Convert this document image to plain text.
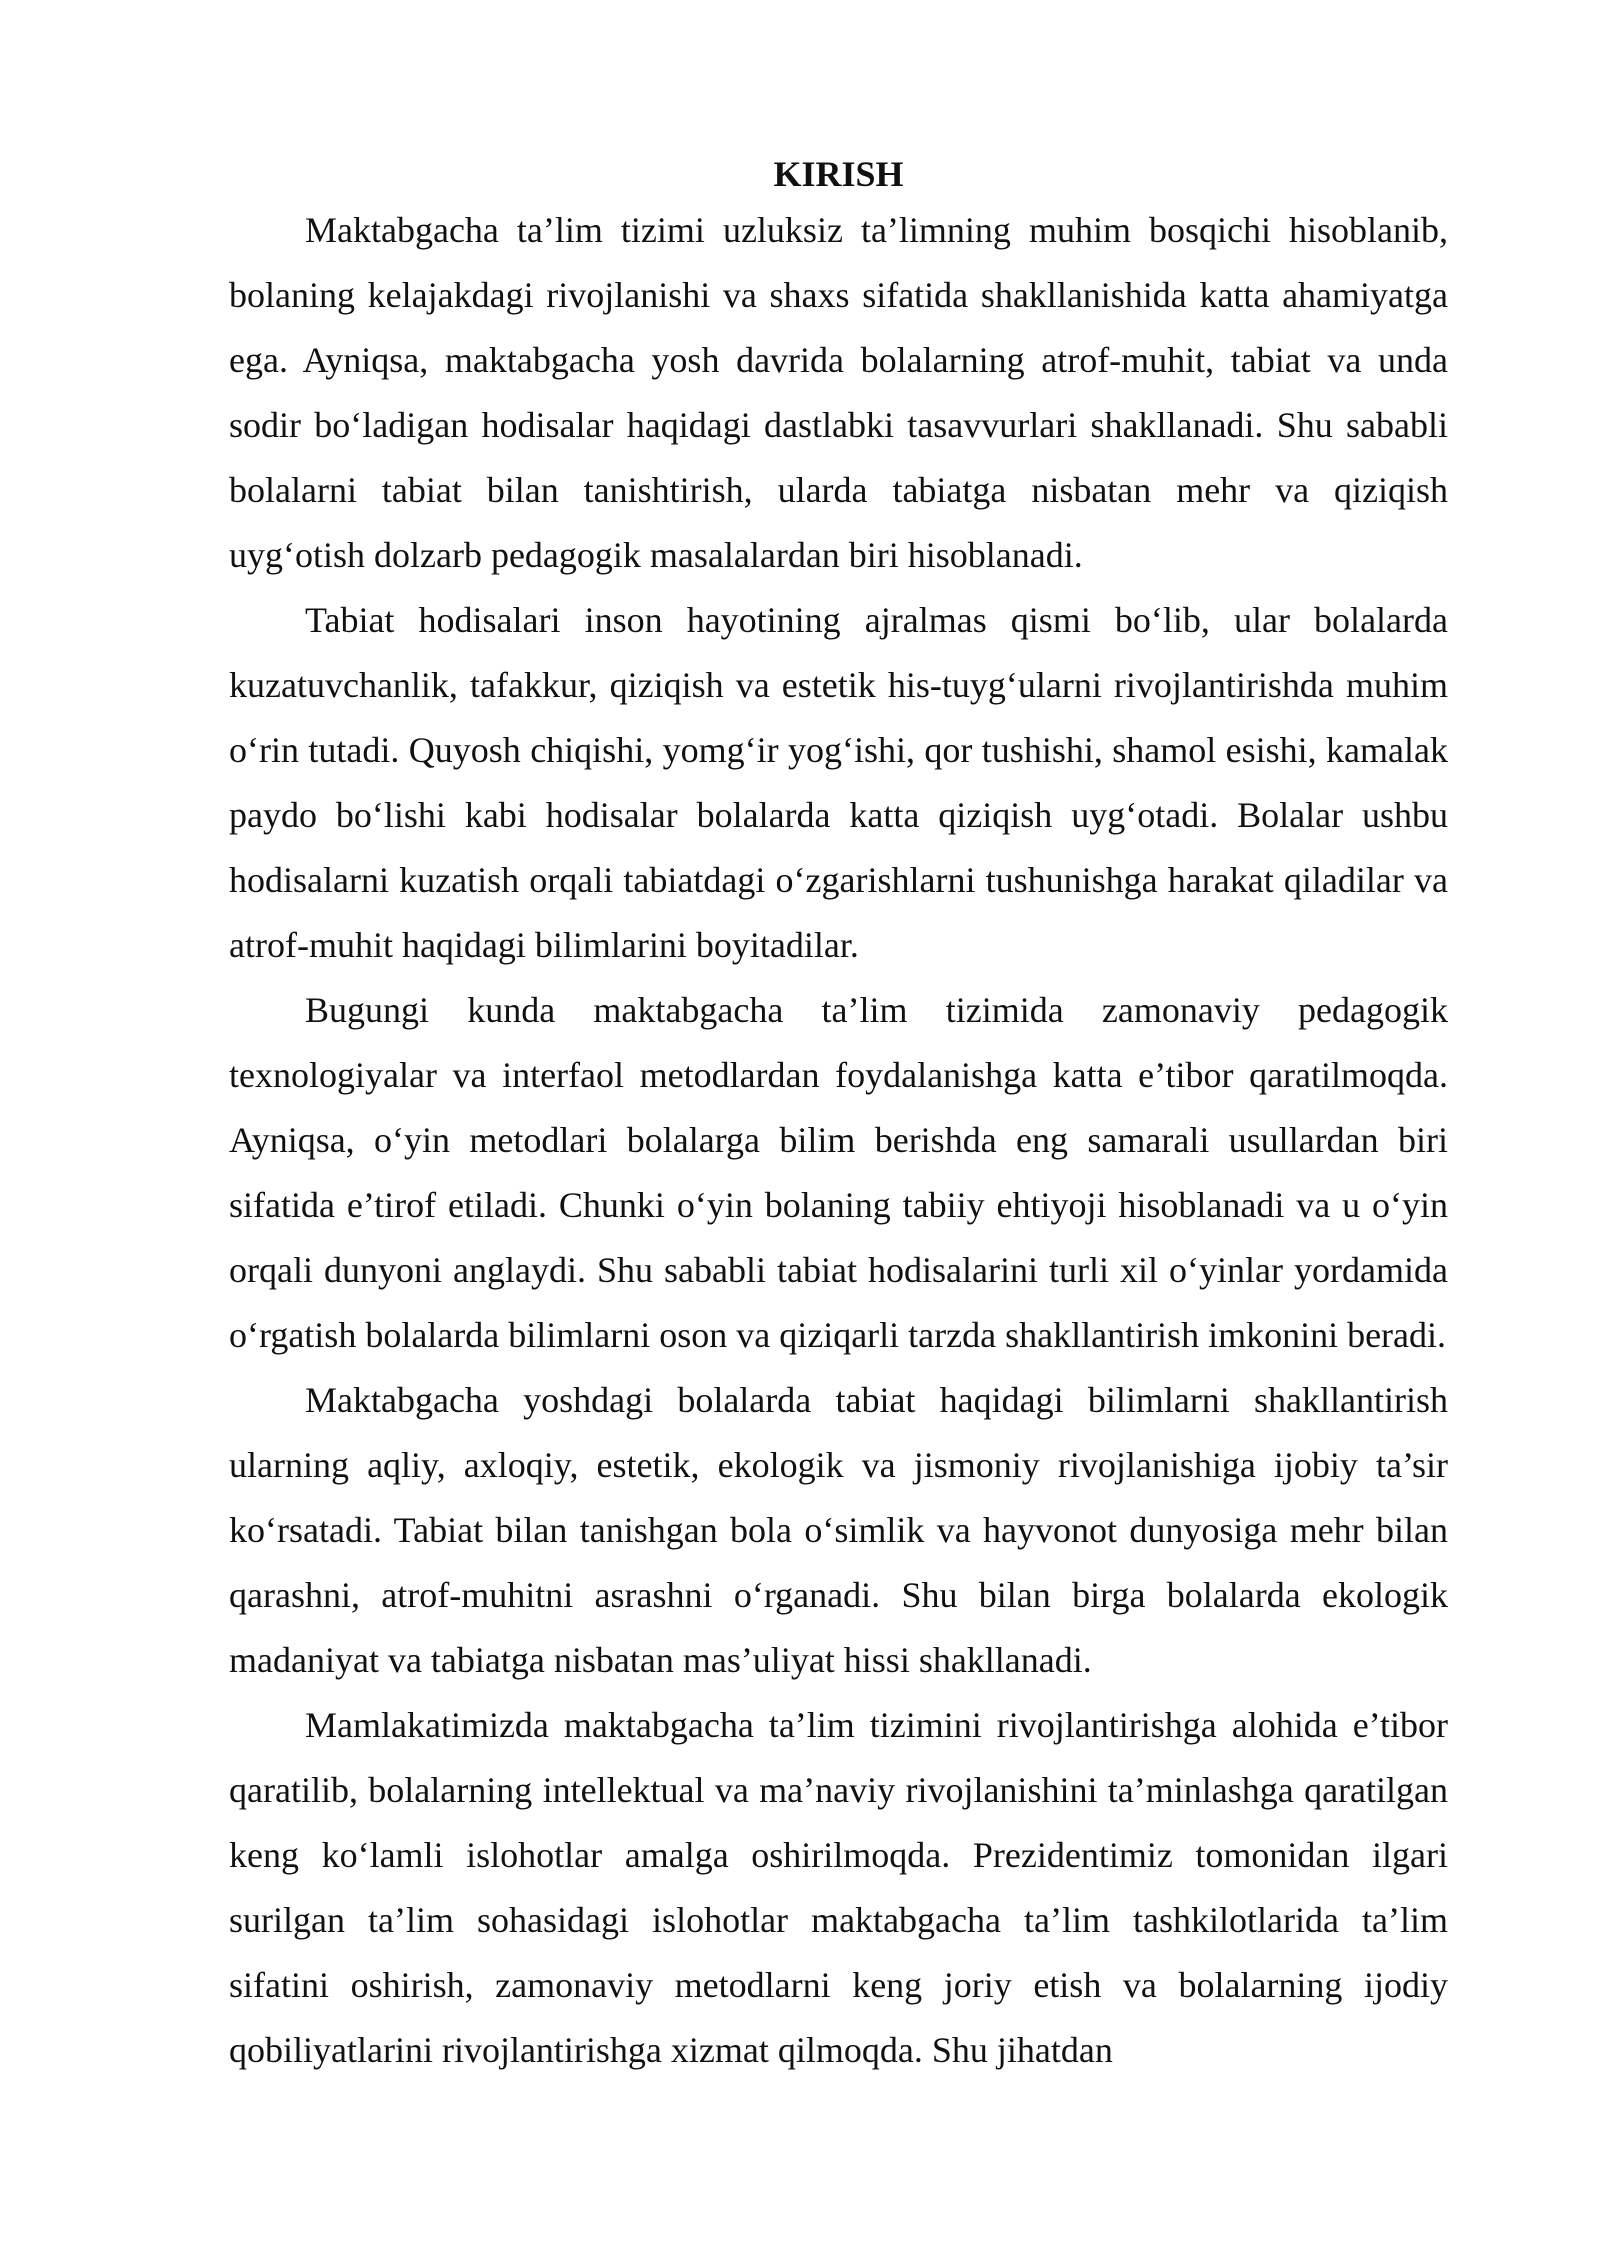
KIRISH

Maktabgacha ta’lim tizimi uzluksiz ta’limning muhim bosqichi hisoblanib, bolaning kelajakdagi rivojlanishi va shaxs sifatida shakllanishida katta ahamiyatga ega. Ayniqsa, maktabgacha yosh davrida bolalarning atrof-muhit, tabiat va unda sodir bo‘ladigan hodisalar haqidagi dastlabki tasavvurlari shakllanadi. Shu sababli bolalarni tabiat bilan tanishtirish, ularda tabiatga nisbatan mehr va qiziqish uyg‘otish dolzarb pedagogik masalalardan biri hisoblanadi.

Tabiat hodisalari inson hayotining ajralmas qismi bo‘lib, ular bolalarda kuzatuvchanlik, tafakkur, qiziqish va estetik his-tuyg‘ularni rivojlantirishda muhim o‘rin tutadi. Quyosh chiqishi, yomg‘ir yog‘ishi, qor tushishi, shamol esishi, kamalak paydo bo‘lishi kabi hodisalar bolalarda katta qiziqish uyg‘otadi. Bolalar ushbu hodisalarni kuzatish orqali tabiatdagi o‘zgarishlarni tushunishga harakat qiladilar va atrof-muhit haqidagi bilimlarini boyitadilar.

Bugungi kunda maktabgacha ta’lim tizimida zamonaviy pedagogik texnologiyalar va interfaol metodlardan foydalanishga katta e’tibor qaratilmoqda. Ayniqsa, o‘yin metodlari bolalarga bilim berishda eng samarali usullardan biri sifatida e’tirof etiladi. Chunki o‘yin bolaning tabiiy ehtiyoji hisoblanadi va u o‘yin orqali dunyoni anglaydi. Shu sababli tabiat hodisalarini turli xil o‘yinlar yordamida o‘rgatish bolalarda bilimlarni oson va qiziqarli tarzda shakllantirish imkonini beradi.

Maktabgacha yoshdagi bolalarda tabiat haqidagi bilimlarni shakllantirish ularning aqliy, axloqiy, estetik, ekologik va jismoniy rivojlanishiga ijobiy ta’sir ko‘rsatadi. Tabiat bilan tanishgan bola o‘simlik va hayvonot dunyosiga mehr bilan qarashni, atrof-muhitni asrashni o‘rganadi. Shu bilan birga bolalarda ekologik madaniyat va tabiatga nisbatan mas’uliyat hissi shakllanadi.

Mamlakatimizda maktabgacha ta’lim tizimini rivojlantirishga alohida e’tibor qaratilib, bolalarning intellektual va ma’naviy rivojlanishini ta’minlashga qaratilgan keng ko‘lamli islohotlar amalga oshirilmoqda. Prezidentimiz tomonidan ilgari surilgan ta’lim sohasidagi islohotlar maktabgacha ta’lim tashkilotlarida ta’lim sifatini oshirish, zamonaviy metodlarni keng joriy etish va bolalarning ijodiy qobiliyatlarini rivojlantirishga xizmat qilmoqda. Shu jihatdan
